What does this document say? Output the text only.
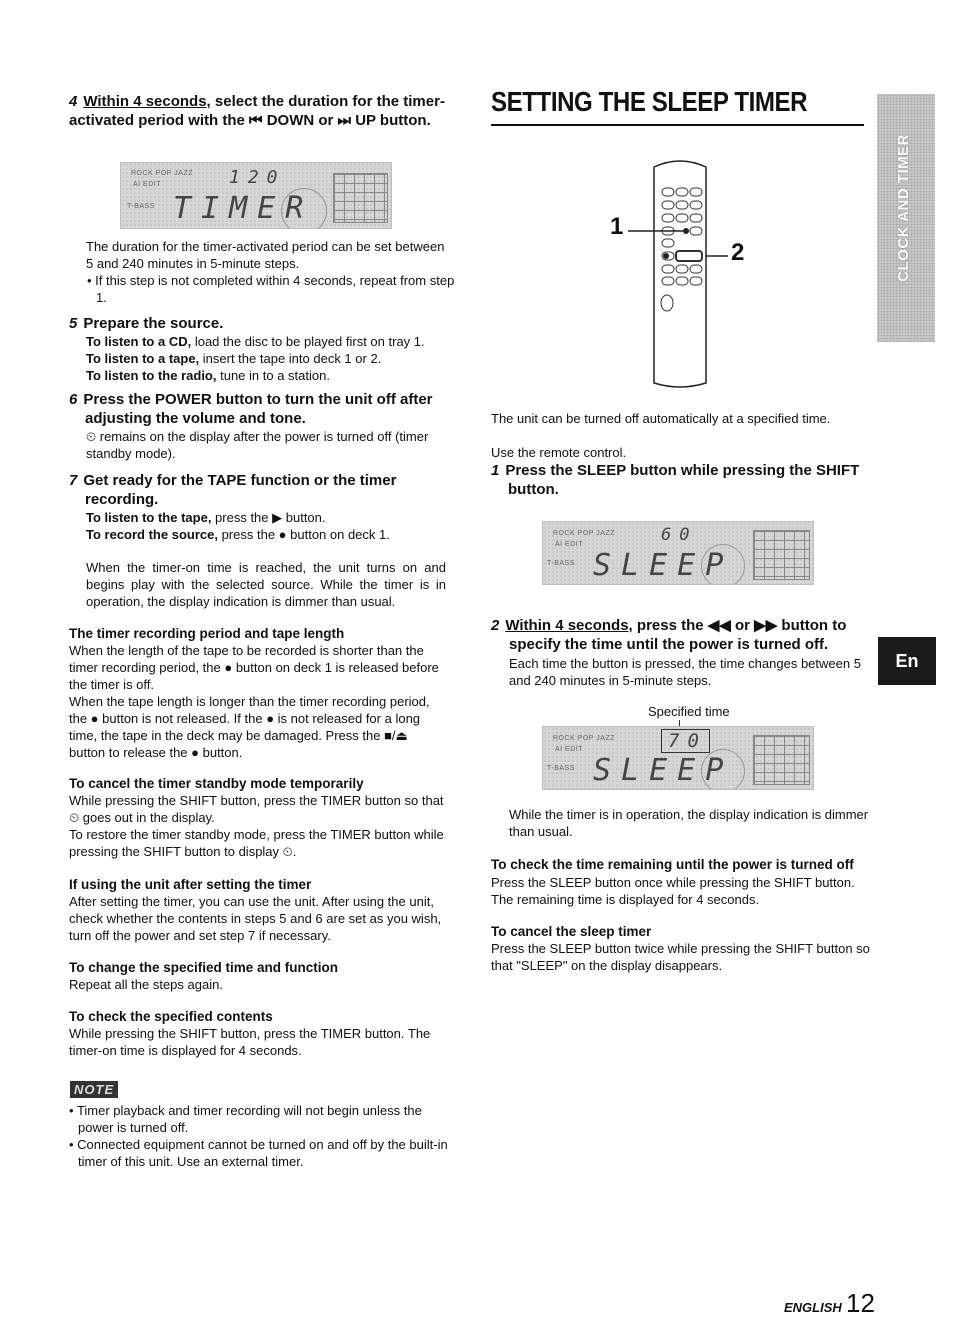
4 Within 4 seconds, select the duration for the timer-activated period with the ⏮ DOWN or ⏭ UP button.
ROCK POP JAZZ
AI EDIT
T-BASS
120
TIMER
The duration for the timer-activated period can be set between 5 and 240 minutes in 5-minute steps.
• If this step is not completed within 4 seconds, repeat from step 1.
5 Prepare the source.
To listen to a CD, load the disc to be played first on tray 1.
To listen to a tape, insert the tape into deck 1 or 2.
To listen to the radio, tune in to a station.
6 Press the POWER button to turn the unit off after adjusting the volume and tone.
⏲ remains on the display after the power is turned off (timer standby mode).
7 Get ready for the TAPE function or the timer recording.
To listen to the tape, press the ▶ button.
To record the source, press the ● button on deck 1.
When the timer-on time is reached, the unit turns on and begins play with the selected source. While the timer is in operation, the display indication is dimmer than usual.
The timer recording period and tape length
When the length of the tape to be recorded is shorter than the timer recording period, the ● button on deck 1 is released before the timer is off.
When the tape length is longer than the timer recording period, the ● button is not released. If the ● is not released for a long time, the tape in the deck may be damaged. Press the ■/⏏ button to release the ● button.
To cancel the timer standby mode temporarily
While pressing the SHIFT button, press the TIMER button so that ⏲ goes out in the display.
To restore the timer standby mode, press the TIMER button while pressing the SHIFT button to display ⏲.
If using the unit after setting the timer
After setting the timer, you can use the unit. After using the unit, check whether the contents in steps 5 and 6 are set as you wish, turn off the power and set step 7 if necessary.
To change the specified time and function
Repeat all the steps again.
To check the specified contents
While pressing the SHIFT button, press the TIMER button. The timer-on time is displayed for 4 seconds.
NOTE
• Timer playback and timer recording will not begin unless the power is turned off.
• Connected equipment cannot be turned on and off by the built-in timer of this unit. Use an external timer.
SETTING THE SLEEP TIMER
CLOCK AND TIMER
En
1
2
The unit can be turned off automatically at a specified time.
Use the remote control.
1 Press the SLEEP button while pressing the SHIFT button.
ROCK POP JAZZ
AI EDIT
T-BASS
60
SLEEP
2 Within 4 seconds, press the ◀◀ or ▶▶ button to specify the time until the power is turned off.
Each time the button is pressed, the time changes between 5 and 240 minutes in 5-minute steps.
Specified time
ROCK POP JAZZ
AI EDIT
T-BASS
70
SLEEP
While the timer is in operation, the display indication is dimmer than usual.
To check the time remaining until the power is turned off
Press the SLEEP button once while pressing the SHIFT button. The remaining time is displayed for 4 seconds.
To cancel the sleep timer
Press the SLEEP button twice while pressing the SHIFT button so that "SLEEP" on the display disappears.
ENGLISH 12
